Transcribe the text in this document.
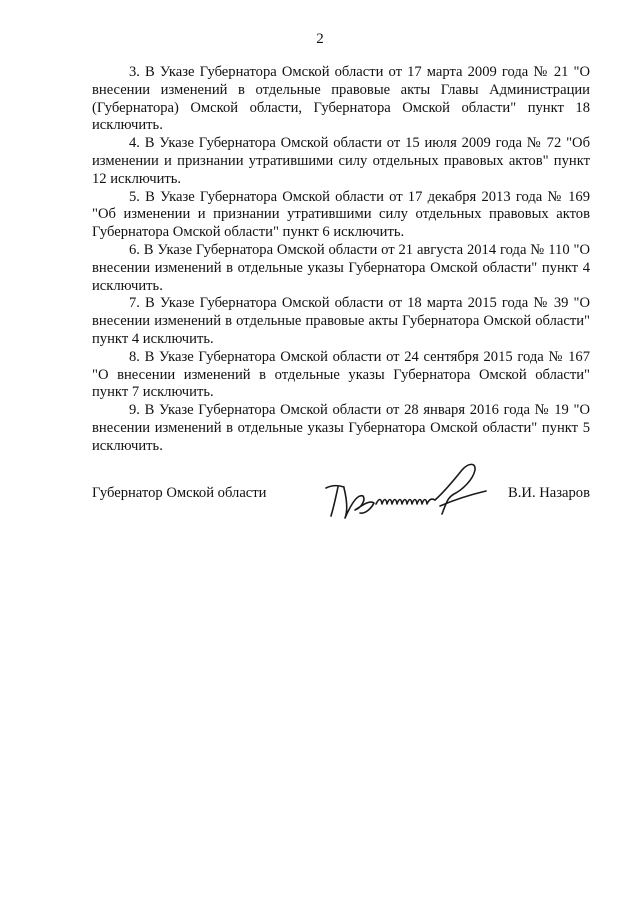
2

3. В Указе Губернатора Омской области от 17 марта 2009 года № 21 "О внесении изменений в отдельные правовые акты Главы Администрации (Губернатора) Омской области, Губернатора Омской области" пункт 18 исключить.

4. В Указе Губернатора Омской области от 15 июля 2009 года № 72 "Об изменении и признании утратившими силу отдельных правовых актов" пункт 12 исключить.

5. В Указе Губернатора Омской области от 17 декабря 2013 года № 169 "Об изменении и признании утратившими силу отдельных правовых актов Губернатора Омской области" пункт 6 исключить.

6. В Указе Губернатора Омской области от 21 августа 2014 года № 110 "О внесении изменений в отдельные указы Губернатора Омской области" пункт 4 исключить.

7. В Указе Губернатора Омской области от 18 марта 2015 года № 39 "О внесении изменений в отдельные правовые акты Губернатора Омской области" пункт 4 исключить.

8. В Указе Губернатора Омской области от 24 сентября 2015 года № 167 "О внесении изменений в отдельные указы Губернатора Омской области" пункт 7 исключить.

9. В Указе Губернатора Омской области от 28 января 2016 года № 19 "О внесении изменений в отдельные указы Губернатора Омской области" пункт 5 исключить.

Губернатор Омской области	В.И. Назаров
